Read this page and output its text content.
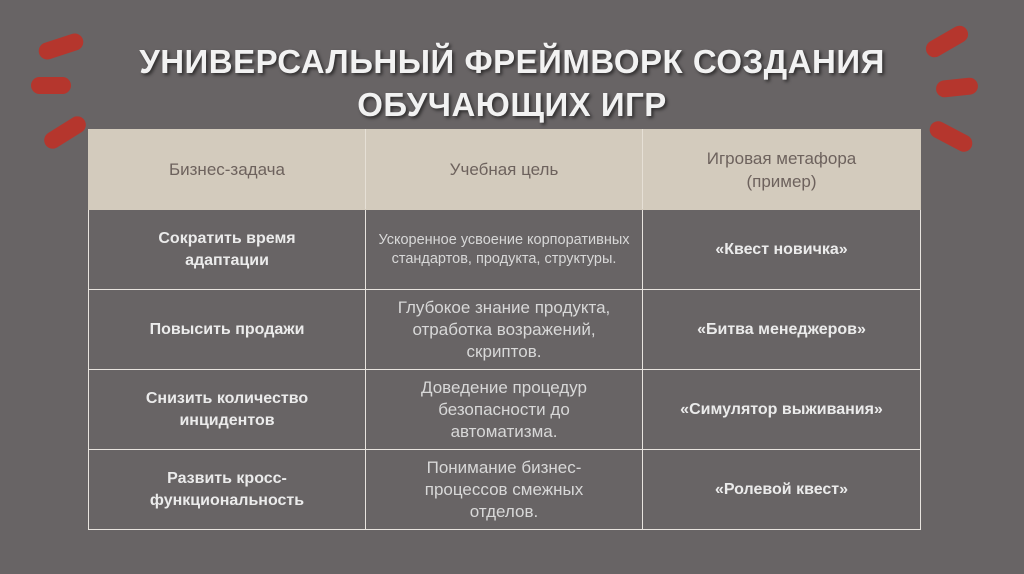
УНИВЕРСАЛЬНЫЙ ФРЕЙМВОРК СОЗДАНИЯ
ОБУЧАЮЩИХ ИГР
Бизнес-задача	Учебная цель	Игровая метафора (пример)
Сократить время адаптации	Ускоренное усвоение корпоративных стандартов, продукта, структуры.	«Квест новичка»
Повысить продажи	Глубокое знание продукта, отработка возражений, скриптов.	«Битва менеджеров»
Снизить количество инцидентов	Доведение процедур безопасности до автоматизма.	«Симулятор выживания»
Развить кросс-функциональность	Понимание бизнес-процессов смежных отделов.	«Ролевой квест»
